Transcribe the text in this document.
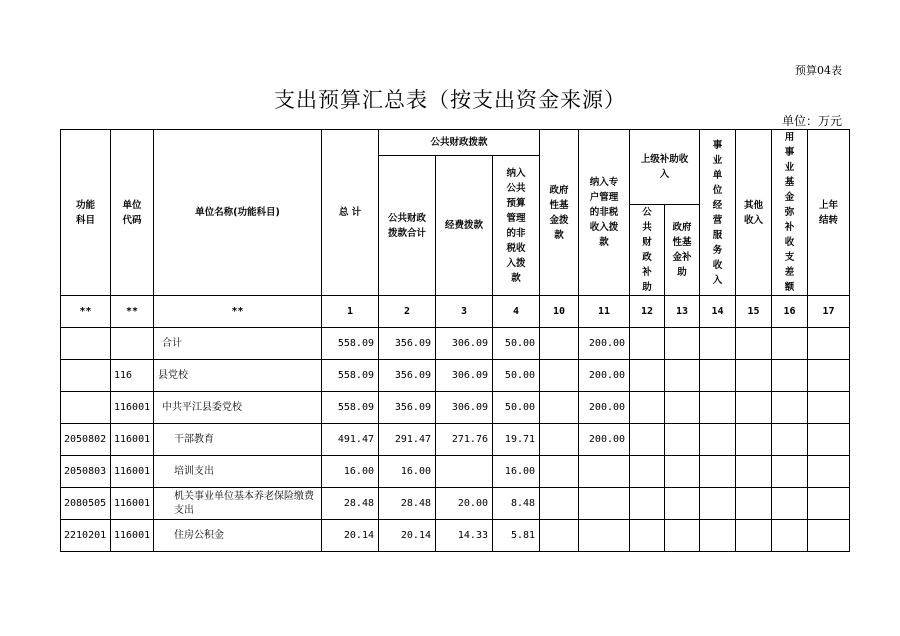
预算04表
支出预算汇总表（按支出资金来源）
单位：万元
功能科目	单位代码	单位名称(功能科目)	总 计	公共财政拨款			政府性基金拨款	纳入专户管理的非税收入拨款	上级补助收入		事业单位经营服务收入	其他收入	用事业基金弥补收支差额	上年结转
				公共财政拨款合计	经费拨款	纳入公共预算管理的非税收入拨款								
									公共财政补助	政府性基金补助				
**	**	**	1	2	3	4	10	11	12	13	14	15	16	17
		合计	558.09	356.09	306.09	50.00		200.00						
	116	县党校	558.09	356.09	306.09	50.00		200.00						
	116001	中共平江县委党校	558.09	356.09	306.09	50.00		200.00						
2050802	116001	干部教育	491.47	291.47	271.76	19.71		200.00						
2050803	116001	培训支出	16.00	16.00		16.00								
2080505	116001	机关事业单位基本养老保险缴费支出	28.48	28.48	20.00	8.48								
2210201	116001	住房公积金	20.14	20.14	14.33	5.81								
